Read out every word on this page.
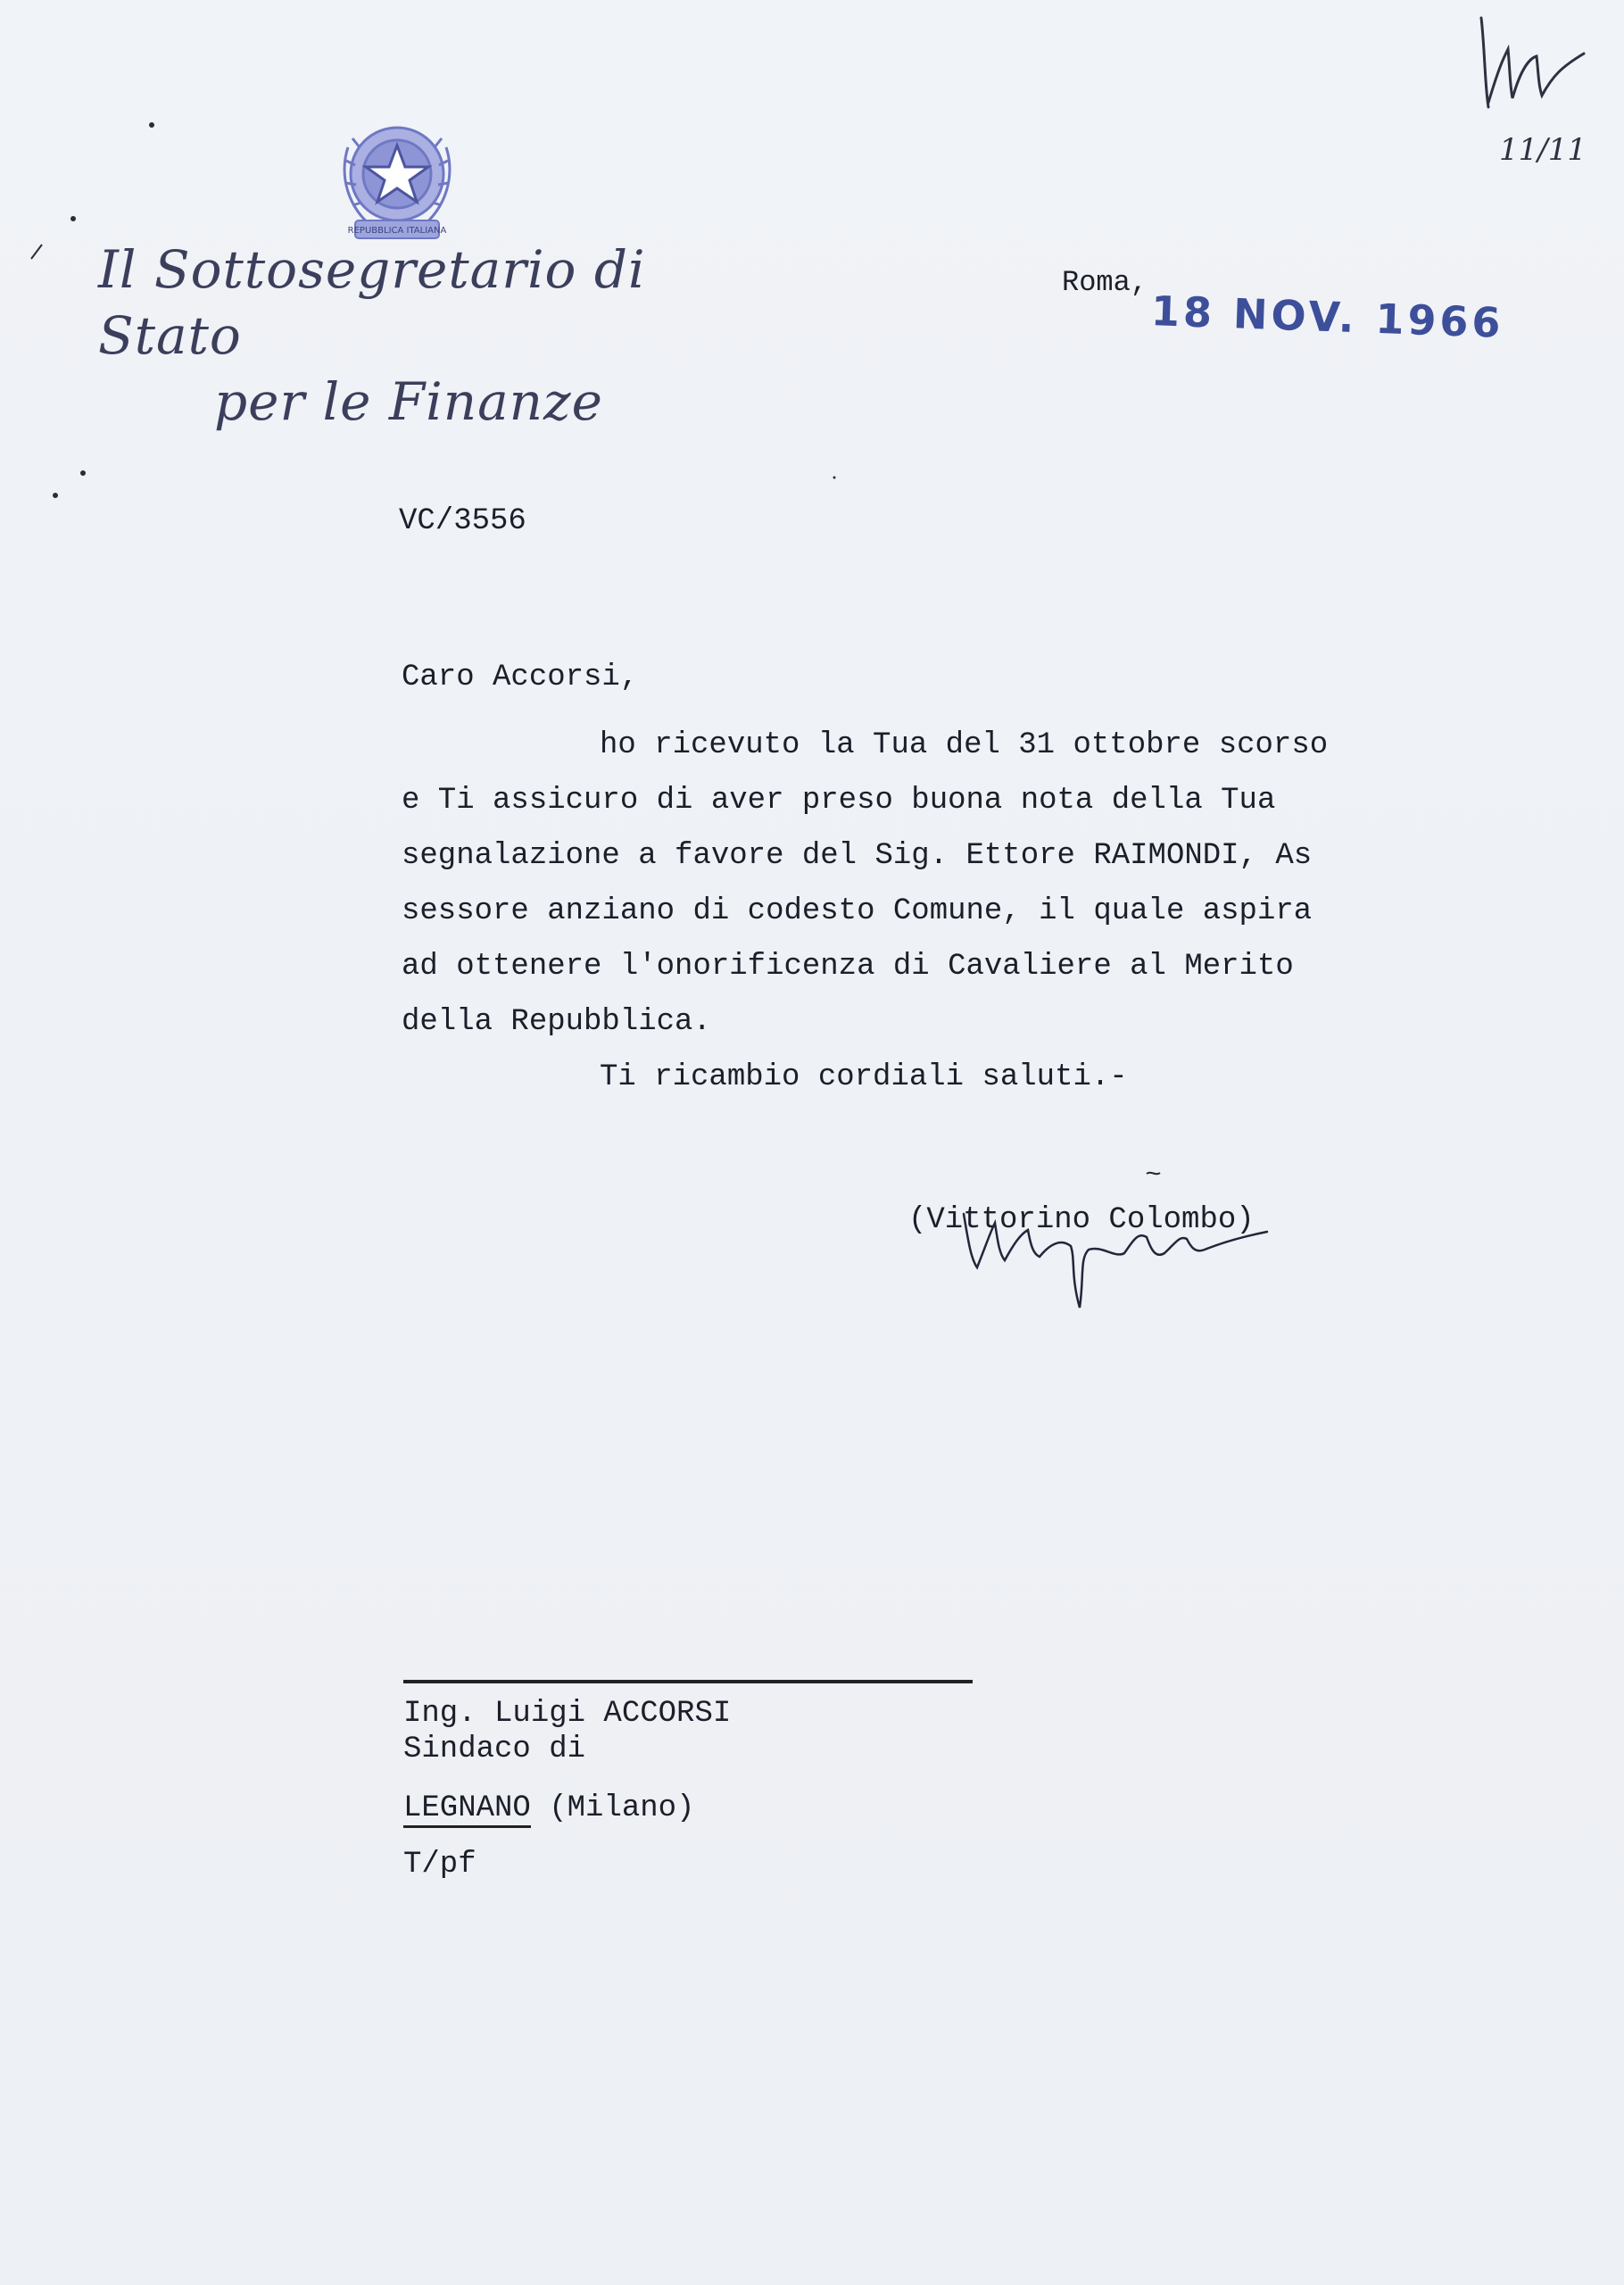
REPUBBLICA ITALIANA
Il Sottosegretario di Stato
per le Finanze
Roma,
18 NOV. 1966
11/11
VC/3556

Caro Accorsi,

ho ricevuto la Tua del 31 ottobre scorso

e Ti assicuro di aver preso buona nota della Tua

segnalazione a favore del Sig. Ettore RAIMONDI, As

sessore anziano di codesto Comune, il quale aspira

ad ottenere l'onorificenza di Cavaliere al Merito

della Repubblica.

Ti ricambio cordiali saluti.-

(Vittorino Colombo)

Ing. Luigi ACCORSI

Sindaco di

LEGNANO (Milano)
T/pf
